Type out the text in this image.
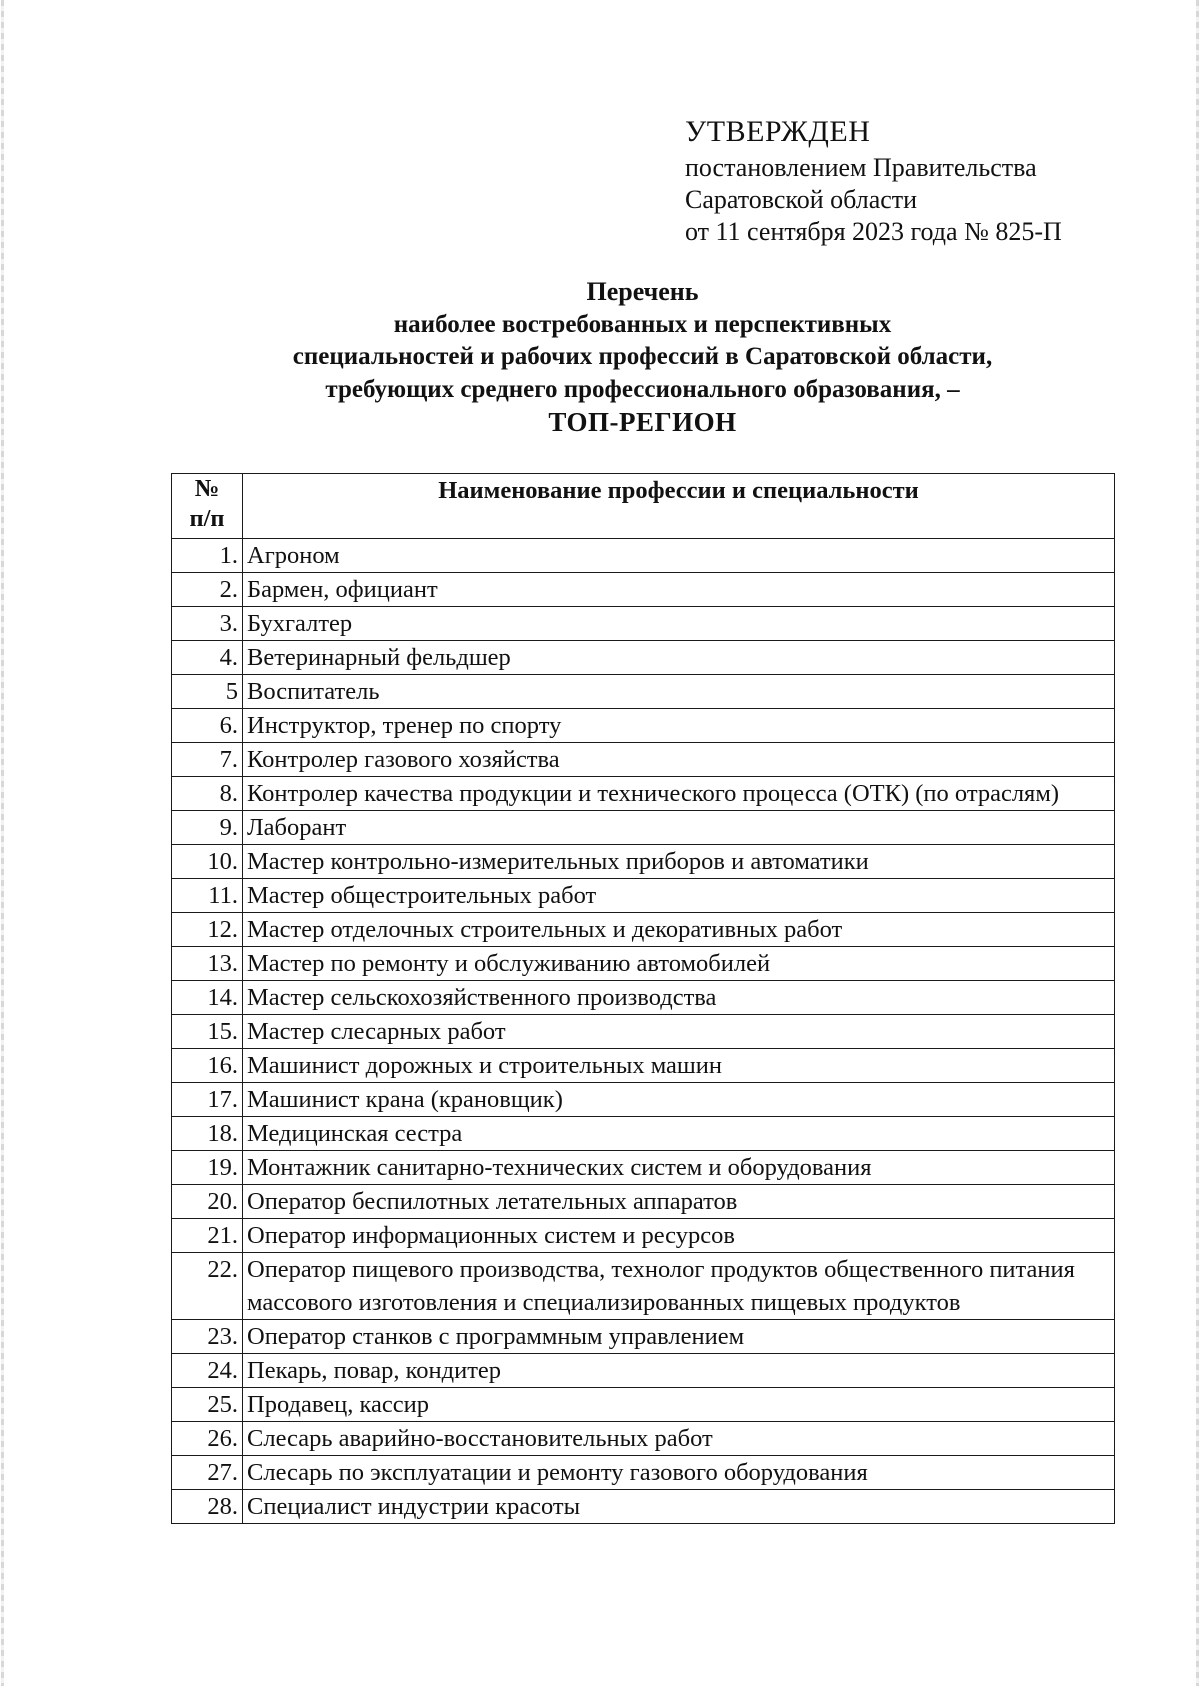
УТВЕРЖДЕН
постановлением Правительства
Саратовской области
от 11 сентября 2023 года № 825-П
Перечень
наиболее востребованных и перспективных
специальностей и рабочих профессий в Саратовской области,
требующих среднего профессионального образования, –
ТОП-РЕГИОН
№
п/п	Наименование профессии и специальности
1.	Агроном
2.	Бармен, официант
3.	Бухгалтер
4.	Ветеринарный фельдшер
5	Воспитатель
6.	Инструктор, тренер по спорту
7.	Контролер газового хозяйства
8.	Контролер качества продукции и технического процесса (ОТК) (по отраслям)
9.	Лаборант
10.	Мастер контрольно-измерительных приборов и автоматики
11.	Мастер общестроительных работ
12.	Мастер отделочных строительных и декоративных работ
13.	Мастер по ремонту и обслуживанию автомобилей
14.	Мастер сельскохозяйственного производства
15.	Мастер слесарных работ
16.	Машинист дорожных и строительных машин
17.	Машинист крана (крановщик)
18.	Медицинская сестра
19.	Монтажник санитарно-технических систем и оборудования
20.	Оператор беспилотных летательных аппаратов
21.	Оператор информационных систем и ресурсов
22.	Оператор пищевого производства, технолог продуктов общественного питания массового изготовления и специализированных пищевых продуктов
23.	Оператор станков с программным управлением
24.	Пекарь, повар, кондитер
25.	Продавец, кассир
26.	Слесарь аварийно-восстановительных работ
27.	Слесарь по эксплуатации и ремонту газового оборудования
28.	Специалист индустрии красоты
